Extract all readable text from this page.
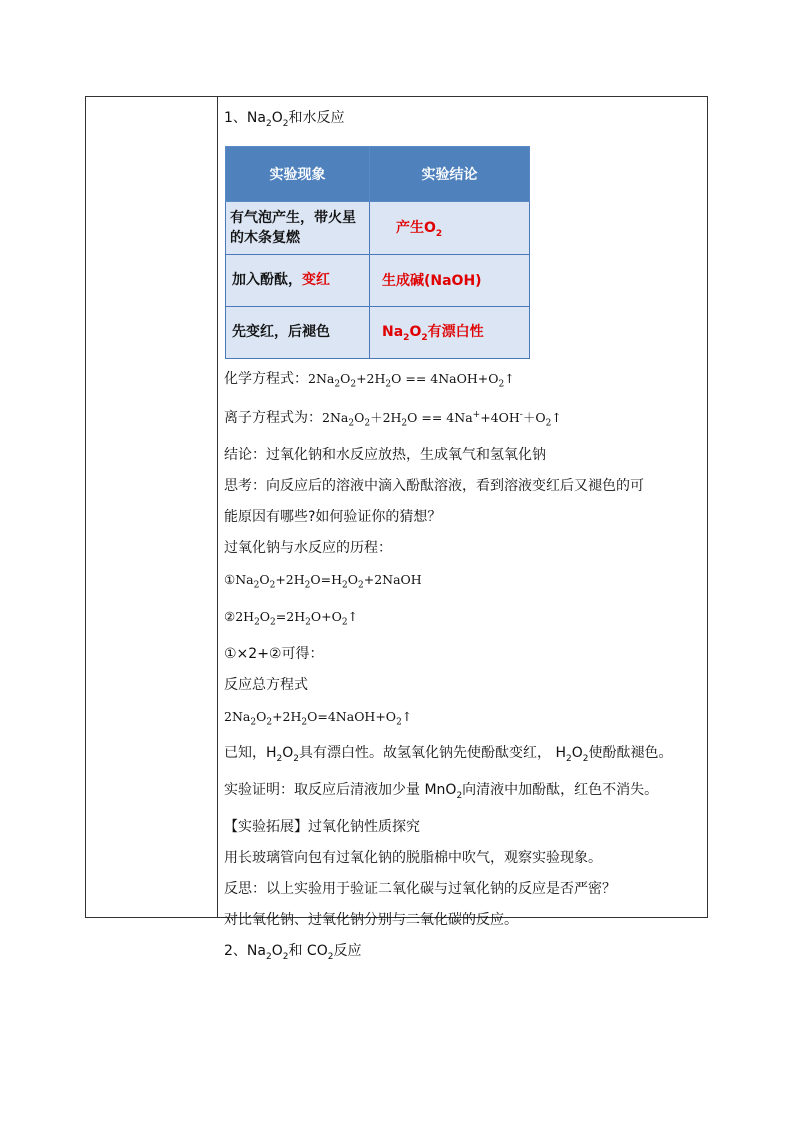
1、$Na_2O_2$和水反应
实验现象	实验结论
有气泡产生，带火星的木条复燃	产生$O_2$
加入酚酞，变红	生成碱(NaOH)
先变红，后褪色	$Na_2O_2$有漂白性
化学方程式：$2Na_2O_2+2H_2O$ == $4NaOH+O_2↑$
离子方程式为：$2Na_2O_2+2H_2O$ == $4Na^++4OH^-+O_2↑$
结论：过氧化钠和水反应放热，生成氧气和氢氧化钠
思考：向反应后的溶液中滴入酚酞溶液，看到溶液变红后又褪色的可
能原因有哪些?如何验证你的猜想？
过氧化钠与水反应的历程：
$①Na_2O_2+2H_2O=H_2O_2+2NaOH$
$②2H_2O_2=2H_2O+O_2↑$
①×2+②可得：
反应总方程式
$2Na_2O_2+2H_2O=4NaOH+O_2↑$
已知，$H_2O_2$具有漂白性。故氢氧化钠先使酚酞变红， $H_2O_2$使酚酞褪色。
实验证明：取反应后清液加少量 MnO$_2$向清液中加酚酞，红色不消失。
【实验拓展】过氧化钠性质探究
用长玻璃管向包有过氧化钠的脱脂棉中吹气，观察实验现象。
反思：以上实验用于验证二氧化碳与过氧化钠的反应是否严密？
对比氧化钠、过氧化钠分别与二氧化碳的反应。
2、$Na_2O_2$和 $CO_2$反应
